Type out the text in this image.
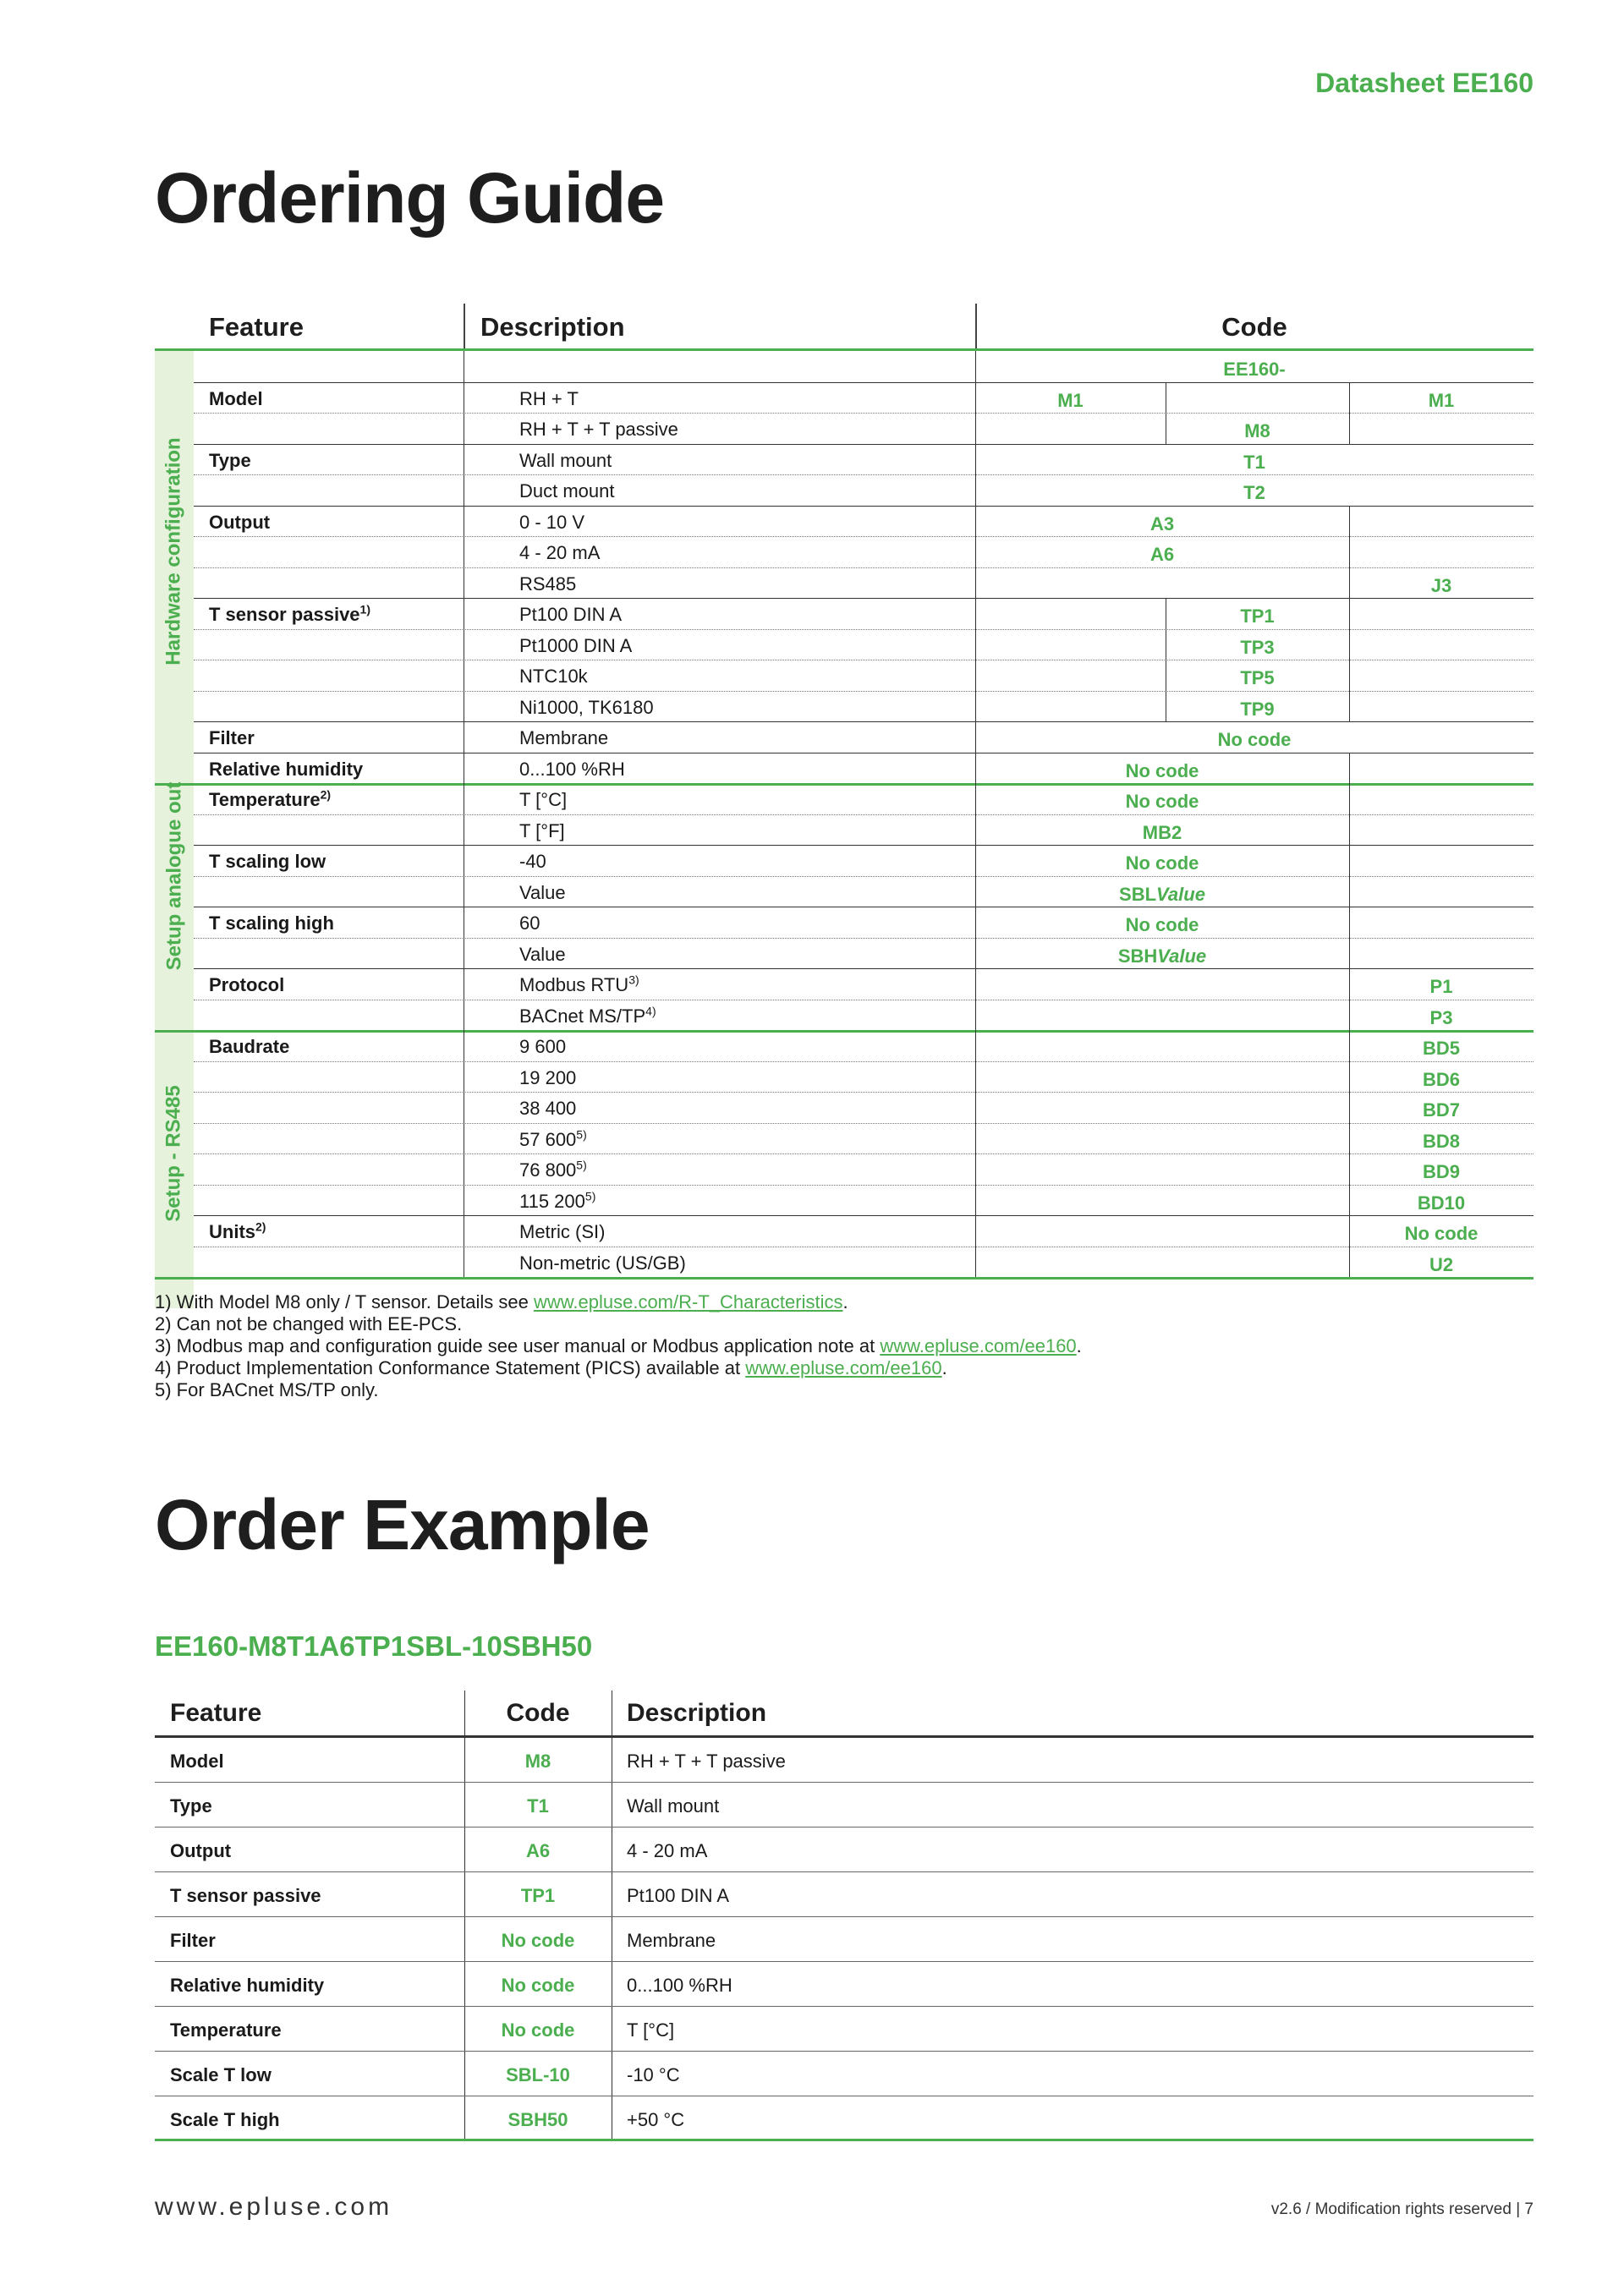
Datasheet EE160
Ordering Guide
Feature	Description	Code
Hardware configuration
Setup analogue out
Setup - RS485
EE160-
Model	RH + T	M1	M1
RH + T + T passive	M8
Type	Wall mount	T1
Duct mount	T2
Output	0 - 10 V	A3
4 - 20 mA	A6
RS485	J3
T sensor passive$^{1)}$	Pt100 DIN A	TP1
Pt1000 DIN A	TP3
NTC10k	TP5
Ni1000, TK6180	TP9
Filter	Membrane	No code
Relative humidity	0...100 %RH	No code
Temperature$^{2)}$	T [°C]	No code
T [°F]	MB2
T scaling low	-40	No code
Value	SBLValue
T scaling high	60	No code
Value	SBHValue
Protocol	Modbus RTU$^{3)}$	P1
BACnet MS/TP$^{4)}$	P3
Baudrate	9 600	BD5
19 200	BD6
38 400	BD7
57 600$^{5)}$	BD8
76 800$^{5)}$	BD9
115 200$^{5)}$	BD10
Units$^{2)}$	Metric (SI)	No code
Non-metric (US/GB)	U2
1) With Model M8 only / T sensor. Details see www.epluse.com/R-T_Characteristics.
2) Can not be changed with EE-PCS.
3) Modbus map and configuration guide see user manual or Modbus application note at www.epluse.com/ee160.
4) Product Implementation Conformance Statement (PICS) available at www.epluse.com/ee160.
5) For BACnet MS/TP only.
Order Example
EE160-M8T1A6TP1SBL-10SBH50
Feature	Code	Description
Model	M8	RH + T + T passive
Type	T1	Wall mount
Output	A6	4 - 20 mA
T sensor passive	TP1	Pt100 DIN A
Filter	No code	Membrane
Relative humidity	No code	0...100 %RH
Temperature	No code	T [°C]
Scale T low	SBL-10	-10 °C
Scale T high	SBH50	+50 °C
www.epluse.com	v2.6 / Modification rights reserved | 7
